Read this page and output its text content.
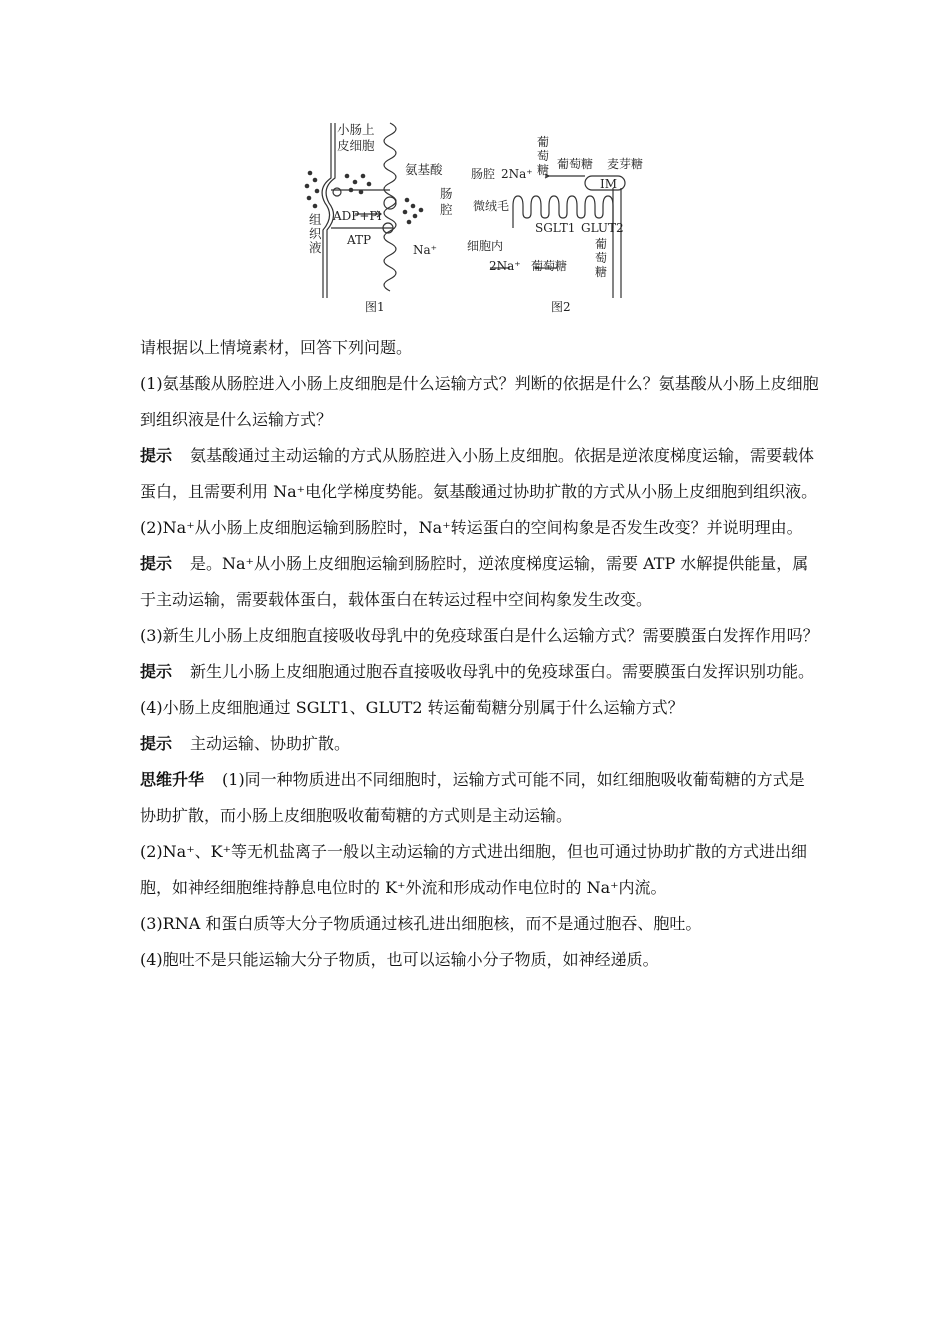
小肠上
皮细胞
氨基酸
肠
腔
ADP+Pi
ATP
组
织
液	Na⁺
图1
肠腔 2Na⁺
葡
萄
糖 葡萄糖 麦芽糖
IM
微绒毛
SGLT1 GLUT2
细胞内
2Na⁺ 葡萄糖
葡
萄
糖
图2

请根据以上情境素材，回答下列问题。

(1)氨基酸从肠腔进入小肠上皮细胞是什么运输方式？判断的依据是什么？氨基酸从小肠上皮细胞到组织液是什么运输方式？

提示 氨基酸通过主动运输的方式从肠腔进入小肠上皮细胞。依据是逆浓度梯度运输，需要载体蛋白，且需要利用 Na⁺电化学梯度势能。氨基酸通过协助扩散的方式从小肠上皮细胞到组织液。

(2)Na⁺从小肠上皮细胞运输到肠腔时，Na⁺转运蛋白的空间构象是否发生改变？并说明理由。

提示 是。Na⁺从小肠上皮细胞运输到肠腔时，逆浓度梯度运输，需要 ATP 水解提供能量，属于主动运输，需要载体蛋白，载体蛋白在转运过程中空间构象发生改变。

(3)新生儿小肠上皮细胞直接吸收母乳中的免疫球蛋白是什么运输方式？需要膜蛋白发挥作用吗？

提示 新生儿小肠上皮细胞通过胞吞直接吸收母乳中的免疫球蛋白。需要膜蛋白发挥识别功能。

(4)小肠上皮细胞通过 SGLT1、GLUT2 转运葡萄糖分别属于什么运输方式？

提示 主动运输、协助扩散。

思维升华 (1)同一种物质进出不同细胞时，运输方式可能不同，如红细胞吸收葡萄糖的方式是协助扩散，而小肠上皮细胞吸收葡萄糖的方式则是主动运输。

(2)Na⁺、K⁺等无机盐离子一般以主动运输的方式进出细胞，但也可通过协助扩散的方式进出细胞，如神经细胞维持静息电位时的 K⁺外流和形成动作电位时的 Na⁺内流。

(3)RNA 和蛋白质等大分子物质通过核孔进出细胞核，而不是通过胞吞、胞吐。

(4)胞吐不是只能运输大分子物质，也可以运输小分子物质，如神经递质。
